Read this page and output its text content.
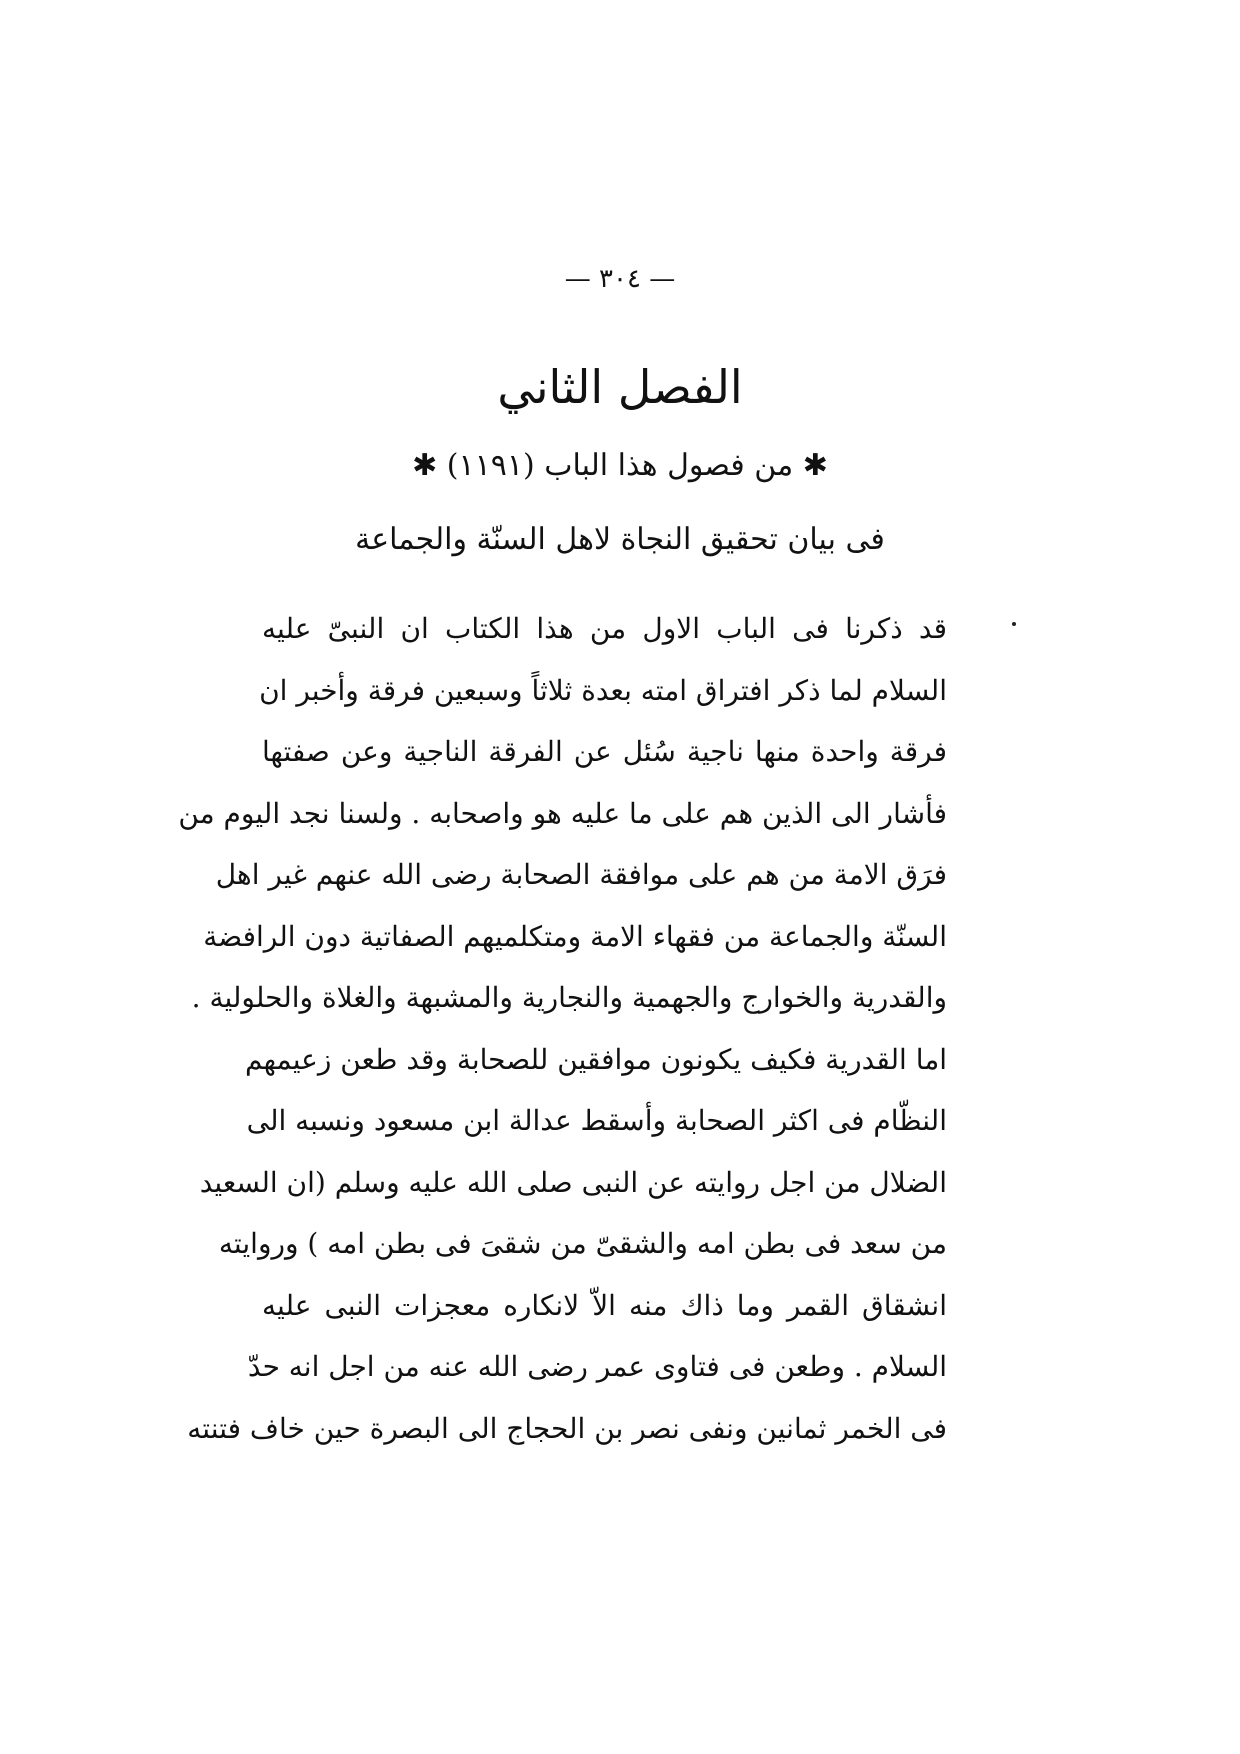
— ٣٠٤ —
الفصل الثاني
✱ من فصول هذا الباب (١١٩١) ✱
فى بيان تحقيق النجاة لاهل السنّة والجماعة
قد ذكرنا فى الباب الاول من هذا الكتاب ان النبىّ عليه
السلام لما ذكر افتراق امته بعدة ثلاثاً وسبعين فرقة وأخبر ان
فرقة واحدة منها ناجية سُئل عن الفرقة الناجية وعن صفتها
فأشار الى الذين هم على ما عليه هو واصحابه . ولسنا نجد اليوم من
فرَق الامة من هم على موافقة الصحابة رضى الله عنهم غير اهل
السنّة والجماعة من فقهاء الامة ومتكلميهم الصفاتية دون الرافضة
والقدرية والخوارج والجهمية والنجارية والمشبهة والغلاة والحلولية .
اما القدرية فكيف يكونون موافقين للصحابة وقد طعن زعيمهم
النظّام فى اكثر الصحابة وأسقط عدالة ابن مسعود ونسبه الى
الضلال من اجل روايته عن النبى صلى الله عليه وسلم (ان السعيد
من سعد فى بطن امه والشقىّ من شقىَ فى بطن امه ) وروايته
انشقاق القمر وما ذاك منه الاّ لانكاره معجزات النبى عليه
السلام . وطعن فى فتاوى عمر رضى الله عنه من اجل انه حدّ
فى الخمر ثمانين ونفى نصر بن الحجاج الى البصرة حين خاف فتنته
